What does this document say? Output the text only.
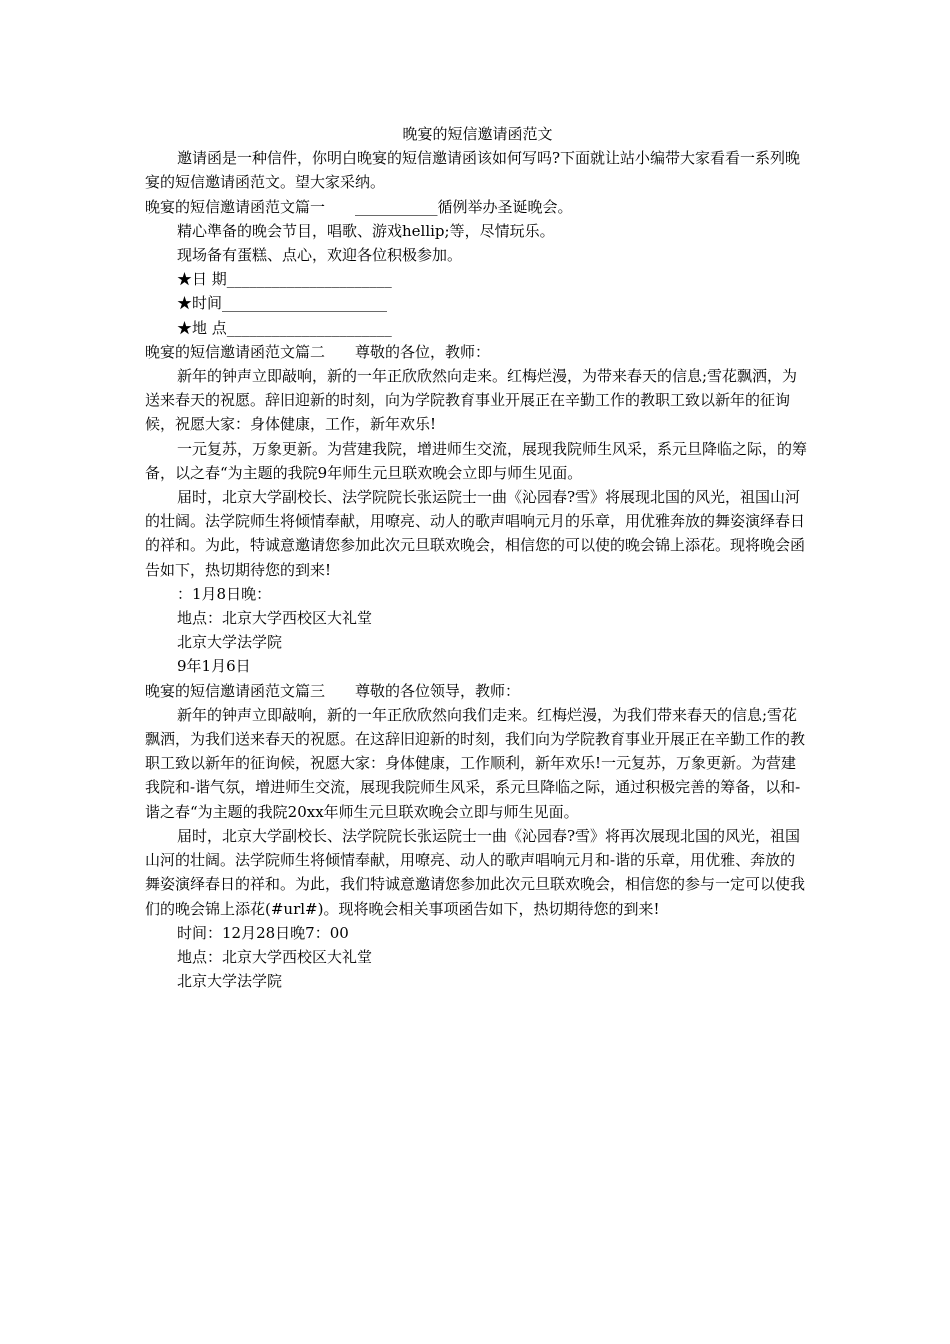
晚宴的短信邀请函范文

邀请函是一种信件，你明白晚宴的短信邀请函该如何写吗?下面就让站小编带大家看看一系列晚宴的短信邀请函范文。望大家采纳。

晚宴的短信邀请函范文篇一　　___________循例举办圣诞晚会。

精心準备的晚会节目，唱歌、游戏hellip;等，尽情玩乐。

现场备有蛋糕、点心，欢迎各位积极参加。

★日 期______________________

★时间______________________

★地 点______________________

晚宴的短信邀请函范文篇二　　尊敬的各位，教师：

新年的钟声立即敲响，新的一年正欣欣然向走来。红梅烂漫，为带来春天的信息;雪花飘洒，为送来春天的祝愿。辞旧迎新的时刻，向为学院教育事业开展正在辛勤工作的教职工致以新年的征询候，祝愿大家：身体健康，工作，新年欢乐!

一元复苏，万象更新。为营建我院，增进师生交流，展现我院师生风采，系元旦降临之际，的筹备，以之春“为主题的我院9年师生元旦联欢晚会立即与师生见面。

届时，北京大学副校长、法学院院长张运院士一曲《沁园春?雪》将展现北国的风光，祖国山河的壮阔。法学院师生将倾情奉献，用嘹亮、动人的歌声唱响元月的乐章，用优雅奔放的舞姿演绎春日的祥和。为此，特诚意邀请您参加此次元旦联欢晚会，相信您的可以使的晚会锦上添花。现将晚会函告如下，热切期待您的到来!

：1月8日晚：

地点：北京大学西校区大礼堂

北京大学法学院

9年1月6日

晚宴的短信邀请函范文篇三　　尊敬的各位领导，教师：

新年的钟声立即敲响，新的一年正欣欣然向我们走来。红梅烂漫，为我们带来春天的信息;雪花飘洒，为我们送来春天的祝愿。在这辞旧迎新的时刻，我们向为学院教育事业开展正在辛勤工作的教职工致以新年的征询候，祝愿大家：身体健康，工作顺利，新年欢乐!一元复苏，万象更新。为营建我院和-谐气氛，增进师生交流，展现我院师生风采，系元旦降临之际，通过积极完善的筹备，以和-谐之春“为主题的我院20xx年师生元旦联欢晚会立即与师生见面。

届时，北京大学副校长、法学院院长张运院士一曲《沁园春?雪》将再次展现北国的风光，祖国山河的壮阔。法学院师生将倾情奉献，用嘹亮、动人的歌声唱响元月和-谐的乐章，用优雅、奔放的舞姿演绎春日的祥和。为此，我们特诚意邀请您参加此次元旦联欢晚会，相信您的参与一定可以使我们的晚会锦上添花(#url#)。现将晚会相关事项函告如下，热切期待您的到来!

时间：12月28日晚7：00

地点：北京大学西校区大礼堂

北京大学法学院
